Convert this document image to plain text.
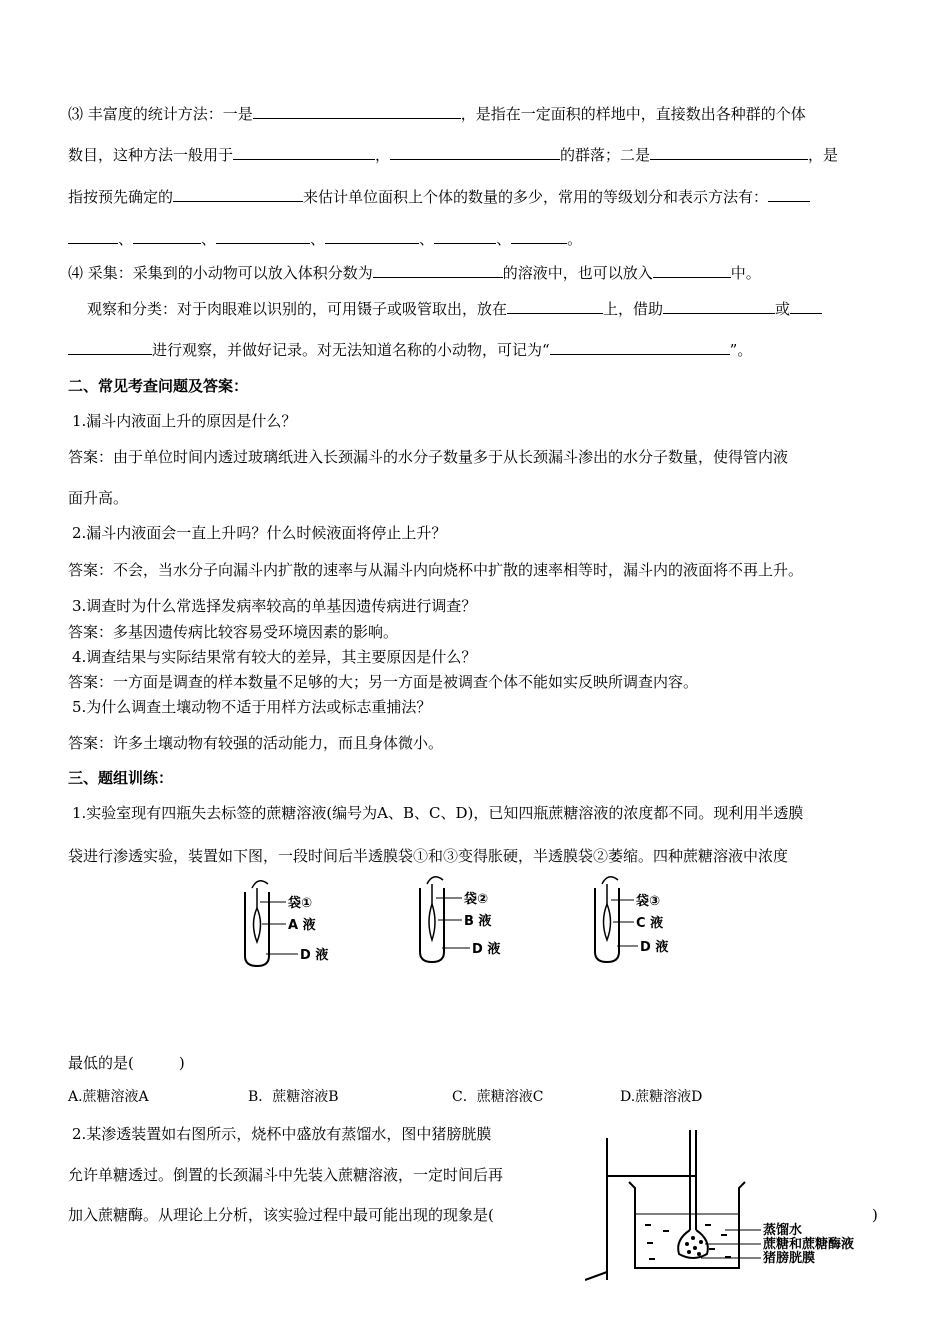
⑶ 丰富度的统计方法：一是	，是指在一定面积的样地中，直接数出各种群的个体
数目，这种方法一般用于	，	的群落；二是	，是
指按预先确定的	来估计单位面积上个体的数量的多少，常用的等级划分和表示方法有：
、	、	、	、	、	。
⑷ 采集：采集到的小动物可以放入体积分数为	的溶液中，也可以放入	中。
观察和分类：对于肉眼难以识别的，可用镊子或吸管取出，放在	上，借助	或
进行观察，并做好记录。对无法知道名称的小动物，可记为“	”。
二、常见考查问题及答案：
1.漏斗内液面上升的原因是什么？
答案：由于单位时间内透过玻璃纸进入长颈漏斗的水分子数量多于从长颈漏斗渗出的水分子数量，使得管内液
面升高。
2.漏斗内液面会一直上升吗？什么时候液面将停止上升？
答案：不会，当水分子向漏斗内扩散的速率与从漏斗内向烧杯中扩散的速率相等时，漏斗内的液面将不再上升。
3.调查时为什么常选择发病率较高的单基因遗传病进行调查？
答案：多基因遗传病比较容易受环境因素的影响。
4.调查结果与实际结果常有较大的差异，其主要原因是什么？
答案：一方面是调查的样本数量不足够的大；另一方面是被调查个体不能如实反映所调查内容。
5.为什么调查土壤动物不适于用样方法或标志重捕法？
答案：许多土壤动物有较强的活动能力，而且身体微小。
三、题组训练：
1.实验室现有四瓶失去标签的蔗糖溶液(编号为A、B、C、D)，已知四瓶蔗糖溶液的浓度都不同。现利用半透膜
袋进行渗透实验，装置如下图，一段时间后半透膜袋①和③变得胀硬，半透膜袋②萎缩。四种蔗糖溶液中浓度
袋①
A 液
D 液
袋②
B 液
D 液
袋③
C 液
D 液
最低的是(　　　)
A.蔗糖溶液A	B．蔗糖溶液B	C．蔗糖溶液C	D.蔗糖溶液D
2.某渗透装置如右图所示，烧杯中盛放有蒸馏水，图中猪膀胱膜
允许单糖透过。倒置的长颈漏斗中先装入蔗糖溶液，一定时间后再
加入蔗糖酶。从理论上分析，该实验过程中最可能出现的现象是(	)
蒸馏水
蔗糖和蔗糖酶液
猪膀胱膜
